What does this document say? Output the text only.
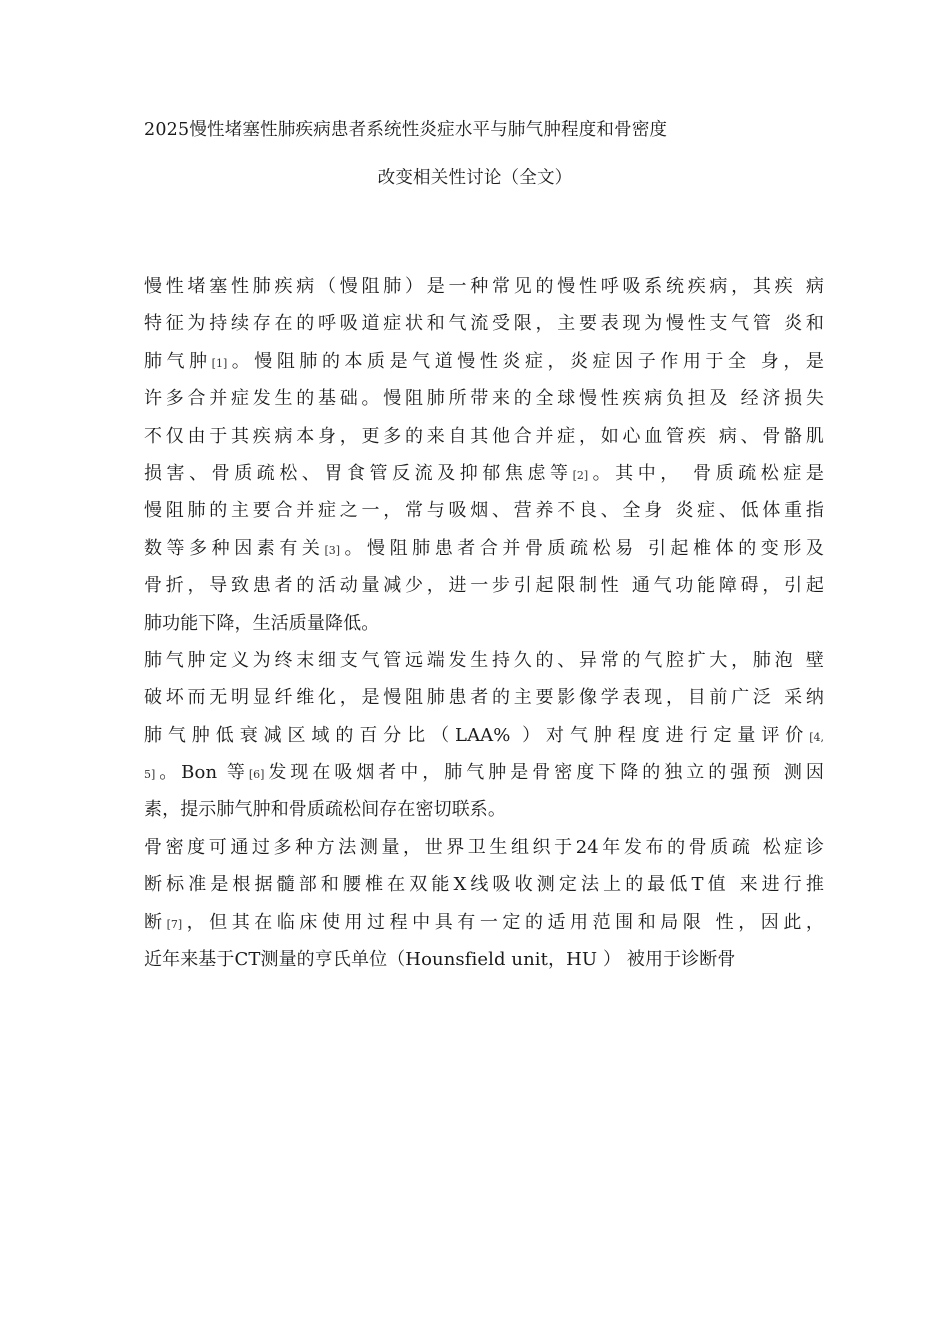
2025慢性堵塞性肺疾病患者系统性炎症水平与肺气肿程度和骨密度
改变相关性讨论（全文）
慢性堵塞性肺疾病（慢阻肺）是一种常见的慢性呼吸系统疾病，其疾 病
特征为持续存在的呼吸道症状和气流受限，主要表现为慢性支气管 炎和
肺气肿[1]。慢阻肺的本质是气道慢性炎症，炎症因子作用于全 身，是
许多合并症发生的基础。慢阻肺所带来的全球慢性疾病负担及 经济损失
不仅由于其疾病本身，更多的来自其他合并症，如心血管疾 病、骨骼肌
损害、骨质疏松、胃食管反流及抑郁焦虑等[2]。其中， 骨质疏松症是
慢阻肺的主要合并症之一，常与吸烟、营养不良、全身 炎症、低体重指
数等多种因素有关[3]。慢阻肺患者合并骨质疏松易 引起椎体的变形及
骨折，导致患者的活动量减少，进一步引起限制性 通气功能障碍，引起
肺功能下降，生活质量降低。
肺气肿定义为终末细支气管远端发生持久的、异常的气腔扩大，肺泡 壁
破坏而无明显纤维化，是慢阻肺患者的主要影像学表现，目前广泛 采纳
肺气肿低衰减区域的百分比（LAA% ）对气肿程度进行定量评价[4,
5]。Bon 等[6]发现在吸烟者中，肺气肿是骨密度下降的独立的强预 测因
素，提示肺气肿和骨质疏松间存在密切联系。
骨密度可通过多种方法测量，世界卫生组织于24年发布的骨质疏 松症诊
断标准是根据髓部和腰椎在双能X线吸收测定法上的最低T值 来进行推
断[7]，但其在临床使用过程中具有一定的适用范围和局限 性，因此，
近年来基于CT测量的亨氏单位（Hounsfield unit，HU ） 被用于诊断骨
